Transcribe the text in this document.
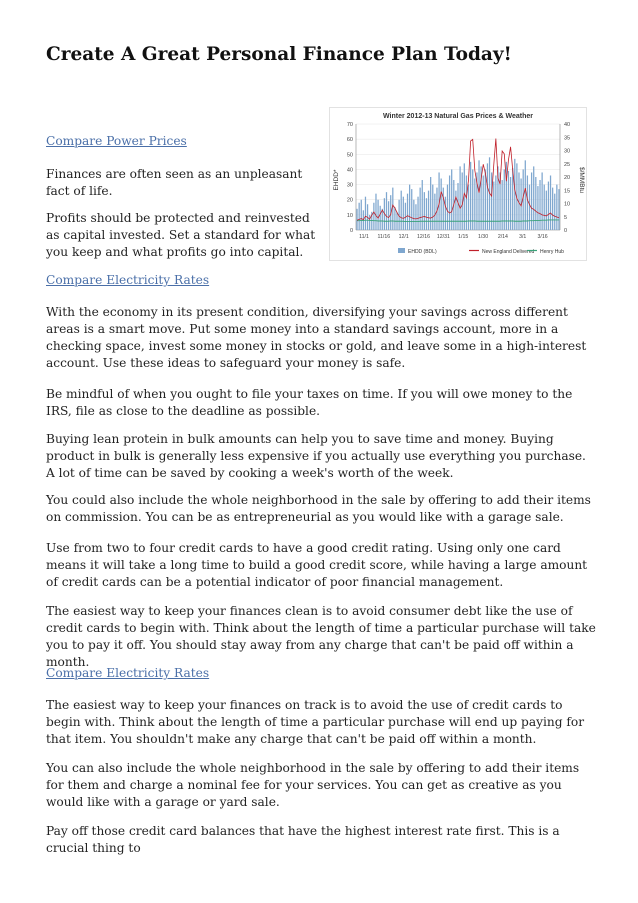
Create A Great Personal Finance Plan Today!
Winter 2012-13 Natural Gas Prices & Weather
EHDD*	$/MMBtu
70
60
50
40
30
20
10
0
40
35
30
25
20
15
10
5
0
11/1 11/16 12/1 12/16 12/31 1/15 1/30 2/14 3/1 3/16
EHDD (BDL)	New England Delivered Henry Hub

Compare Power Prices

Finances are often seen as an unpleasant fact of life.

Profits should be protected and reinvested as capital invested. Set a standard for what you keep and what profits go into capital.

Compare Electricity Rates

With the economy in its present condition, diversifying your savings across different areas is a smart move. Put some money into a standard savings account, more in a checking space, invest some money in stocks or gold, and leave some in a high-interest account. Use these ideas to safeguard your money is safe.

Be mindful of when you ought to file your taxes on time. If you will owe money to the IRS, file as close to the deadline as possible.

Buying lean protein in bulk amounts can help you to save time and money. Buying product in bulk is generally less expensive if you actually use everything you purchase. A lot of time can be saved by cooking a week's worth of the week.

You could also include the whole neighborhood in the sale by offering to add their items on commission. You can be as entrepreneurial as you would like with a garage sale.

Use from two to four credit cards to have a good credit rating. Using only one card means it will take a long time to build a good credit score, while having a large amount of credit cards can be a potential indicator of poor financial management.

The easiest way to keep your finances clean is to avoid consumer debt like the use of credit cards to begin with. Think about the length of time a particular purchase will take you to pay it off. You should stay away from any charge that can't be paid off within a month.

Compare Electricity Rates

The easiest way to keep your finances on track is to avoid the use of credit cards to begin with. Think about the length of time a particular purchase will end up paying for that item. You shouldn't make any charge that can't be paid off within a month.

You can also include the whole neighborhood in the sale by offering to add their items for them and charge a nominal fee for your services. You can get as creative as you would like with a garage or yard sale.

Pay off those credit card balances that have the highest interest rate first. This is a crucial thing to
